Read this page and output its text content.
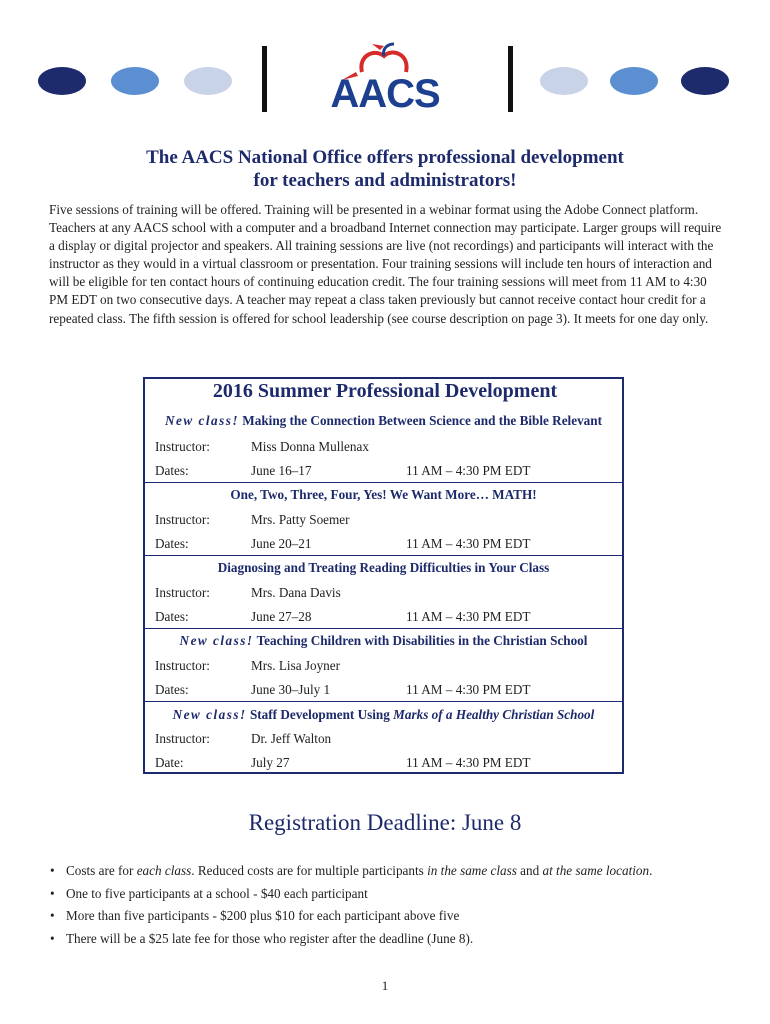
AACS
The AACS National Office offers professional development
for teachers and administrators!
Five sessions of training will be offered. Training will be presented in a webinar format using the Adobe Connect platform. Teachers at any AACS school with a computer and a broadband Internet connection may participate. Larger groups will require a display or digital projector and speakers. All training sessions are live (not recordings) and participants will interact with the instructor as they would in a virtual classroom or presentation. Four training sessions will include ten hours of interaction and will be eligible for ten contact hours of continuing education credit. The four training sessions will meet from 11 AM to 4:30 PM EDT on two consecutive days. A teacher may repeat a class taken previously but cannot receive contact hour credit for a repeated class. The fifth session is offered for school leadership (see course description on page 3). It meets for one day only.
2016 Summer Professional Development
New class! Making the Connection Between Science and the Bible Relevant
Instructor:	Miss Donna Mullenax
Dates:	June 16–17	11 AM – 4:30 PM EDT
One, Two, Three, Four, Yes! We Want More… MATH!
Instructor:	Mrs. Patty Soemer
Dates:	June 20–21	11 AM – 4:30 PM EDT
Diagnosing and Treating Reading Difficulties in Your Class
Instructor:	Mrs. Dana Davis
Dates:	June 27–28	11 AM – 4:30 PM EDT
New class! Teaching Children with Disabilities in the Christian School
Instructor:	Mrs. Lisa Joyner
Dates:	June 30–July 1	11 AM – 4:30 PM EDT
New class! Staff Development Using Marks of a Healthy Christian School
Instructor:	Dr. Jeff Walton
Date:	July 27	11 AM – 4:30 PM EDT
Registration Deadline: June 8
• Costs are for each class. Reduced costs are for multiple participants in the same class and at the same location.
• One to five participants at a school - $40 each participant
• More than five participants - $200 plus $10 for each participant above five
• There will be a $25 late fee for those who register after the deadline (June 8).
1
